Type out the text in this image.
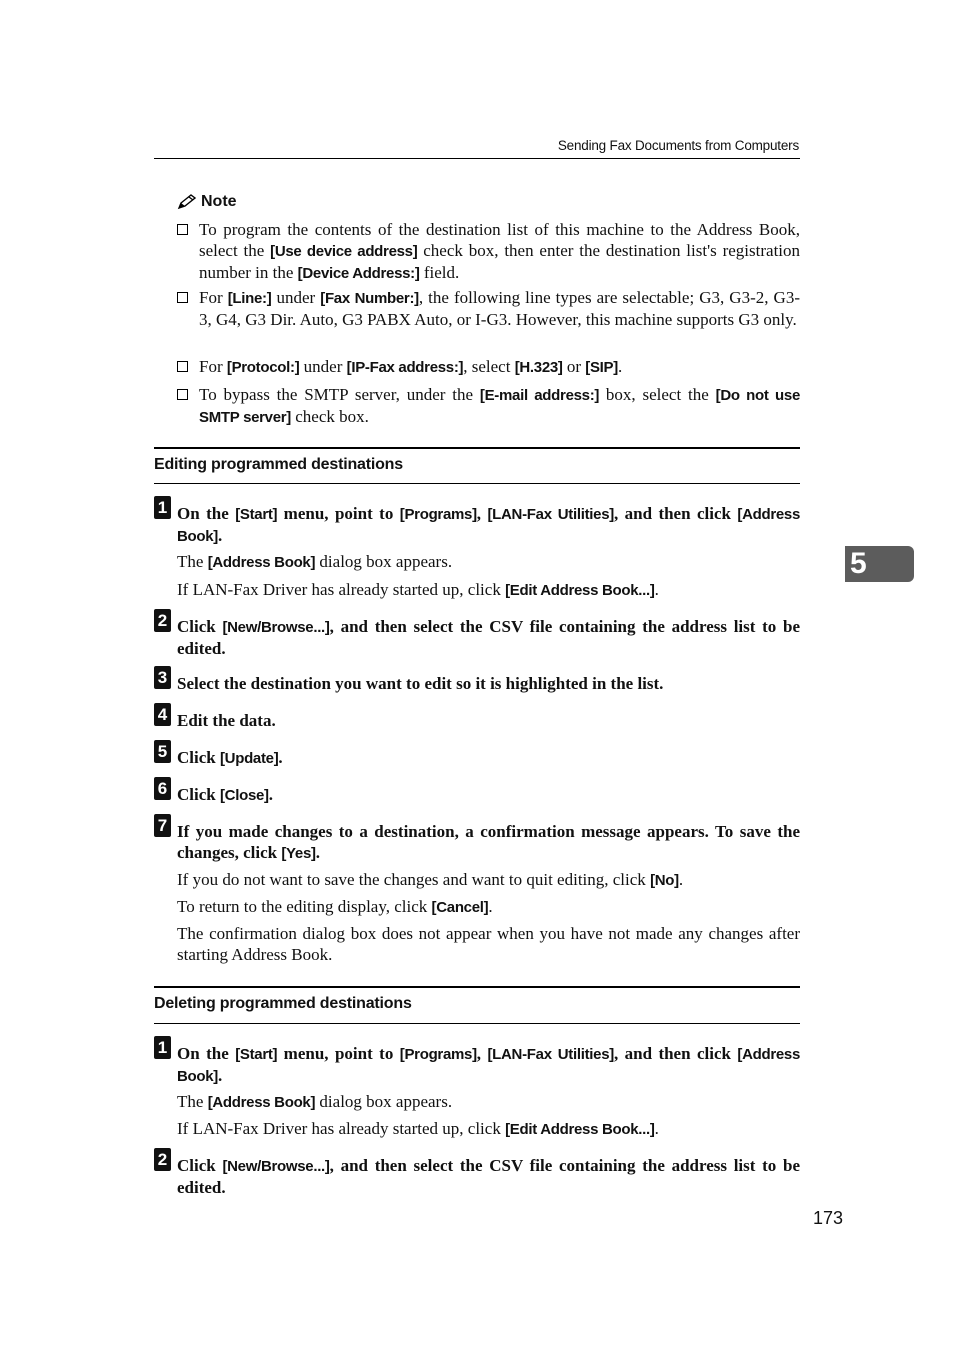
Sending Fax Documents from Computers
Note
To program the contents of the destination list of this machine to the Address Book, select the [Use device address] check box, then enter the destination list's registration number in the [Device Address:] field.
For [Line:] under [Fax Number:], the following line types are selectable; G3, G3-2, G3-3, G4, G3 Dir. Auto, G3 PABX Auto, or I-G3. However, this machine supports G3 only.
For [Protocol:] under [IP-Fax address:], select [H.323] or [SIP].
To bypass the SMTP server, under the [E-mail address:] box, select the [Do not use SMTP server] check box.
Editing programmed destinations
1 On the [Start] menu, point to [Programs], [LAN-Fax Utilities], and then click [Address Book].
The [Address Book] dialog box appears.
If LAN-Fax Driver has already started up, click [Edit Address Book...].
2 Click [New/Browse...], and then select the CSV file containing the address list to be edited.
3 Select the destination you want to edit so it is highlighted in the list.
4 Edit the data.
5 Click [Update].
6 Click [Close].
7 If you made changes to a destination, a confirmation message appears. To save the changes, click [Yes].
If you do not want to save the changes and want to quit editing, click [No].
To return to the editing display, click [Cancel].
The confirmation dialog box does not appear when you have not made any changes after starting Address Book.
Deleting programmed destinations
1 On the [Start] menu, point to [Programs], [LAN-Fax Utilities], and then click [Address Book].
The [Address Book] dialog box appears.
If LAN-Fax Driver has already started up, click [Edit Address Book...].
2 Click [New/Browse...], and then select the CSV file containing the address list to be edited.
5
173
